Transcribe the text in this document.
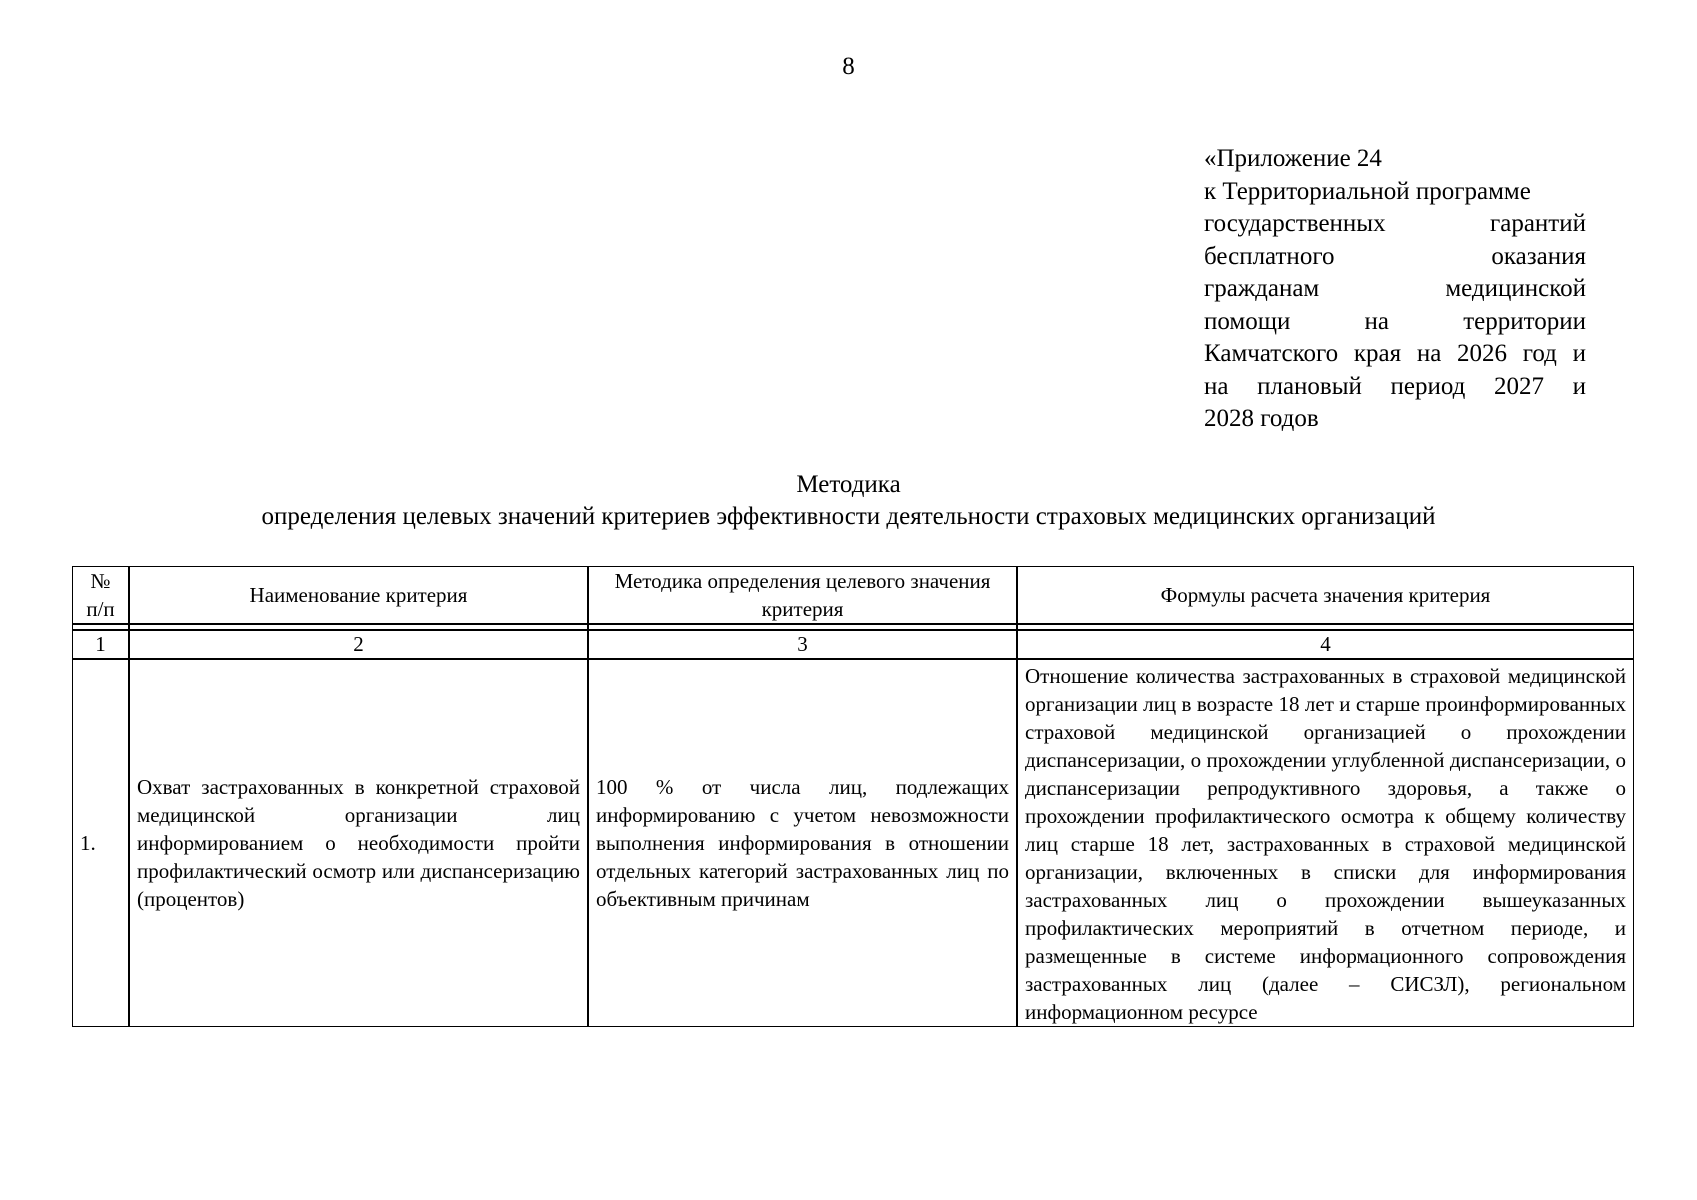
8
«Приложение 24
к Территориальной программе
государственных гарантий
бесплатного оказания
гражданам медицинской
помощи на территории
Камчатского края на 2026 год и
на плановый период 2027 и
2028 годов
Методика
определения целевых значений критериев эффективности деятельности страховых медицинских организаций
№ п/п	Наименование критерия	Методика определения целевого значения критерия	Формулы расчета значения критерия

1	2	3	4
1.	Охват застрахованных в конкретной страховой медицинской организации лиц информированием о необходимости пройти профилактический осмотр или диспансеризацию (процентов)	100 % от числа лиц, подлежащих информированию с учетом невозможности выполнения информирования в отношении отдельных категорий застрахованных лиц по объективным причинам	Отношение количества застрахованных в страховой медицинской организации лиц в возрасте 18 лет и старше проинформированных страховой медицинской организацией о прохождении диспансеризации, о прохождении углубленной диспансеризации, о диспансеризации репродуктивного здоровья, а также о прохождении профилактического осмотра к общему количеству лиц старше 18 лет, застрахованных в страховой медицинской организации, включенных в списки для информирования застрахованных лиц о прохождении вышеуказанных профилактических мероприятий в отчетном периоде, и размещенные в системе информационного сопровождения застрахованных лиц (далее – СИСЗЛ), региональном информационном ресурсе
